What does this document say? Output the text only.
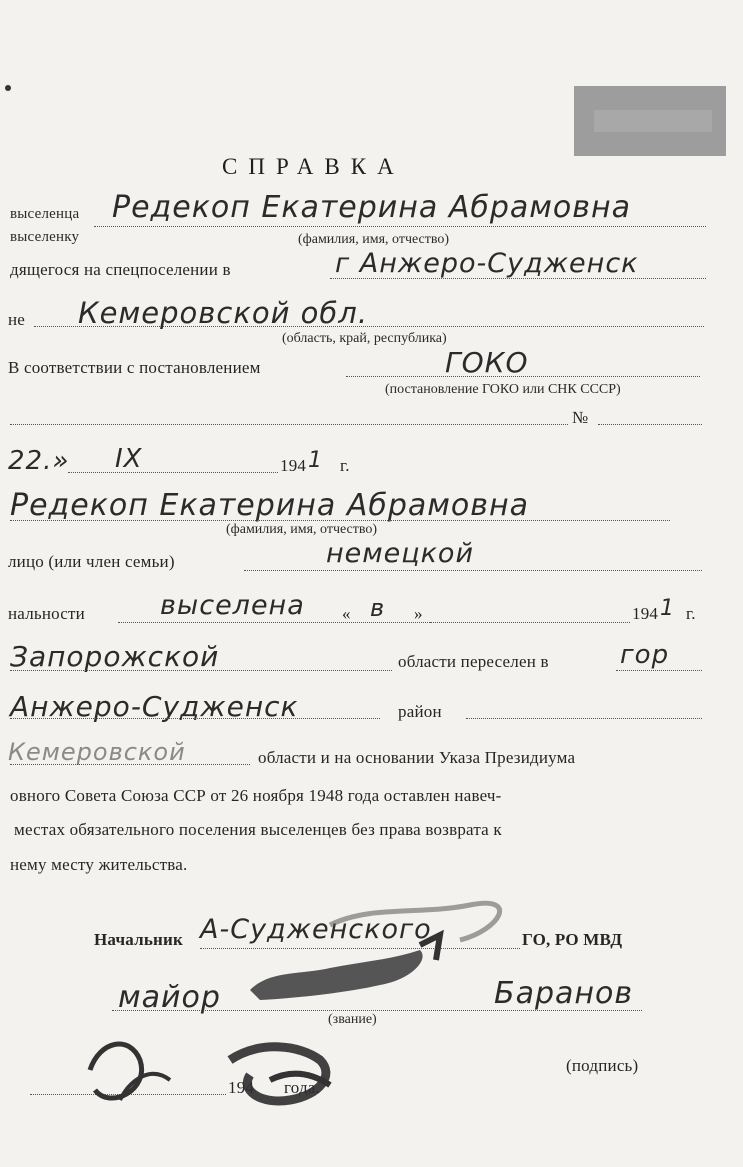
СПРАВКА
выселенца
выселенку
Редекоп Екатерина Абрамовна
(фамилия, имя, отчество)
дящегося на спецпоселении в	г Анжеро-Судженск
не Кемеровской обл.
(область, край, республика)
В соответствии с постановлением	ГОКО
(постановление ГОКО или СНК СССР)
№
22.» IX	194 1 г.
Редекоп Екатерина Абрамовна
(фамилия, имя, отчество)
лицо (или член семьи)	немецкой
нальности	выселена « в »	194 1 г.
Запорожской	области переселен в	гор
Анжеро-Судженск	район
Кемеровской	области и на основании Указа Президиума
овного Совета Союза ССР от 26 ноября 1948 года оставлен навеч-
местах обязательного поселения выселенцев без права возврата к
нему месту жительства.
Начальник А-Судженского	ГО, РО МВД
майор	Баранов
(звание)
(подпись)
194 года.
